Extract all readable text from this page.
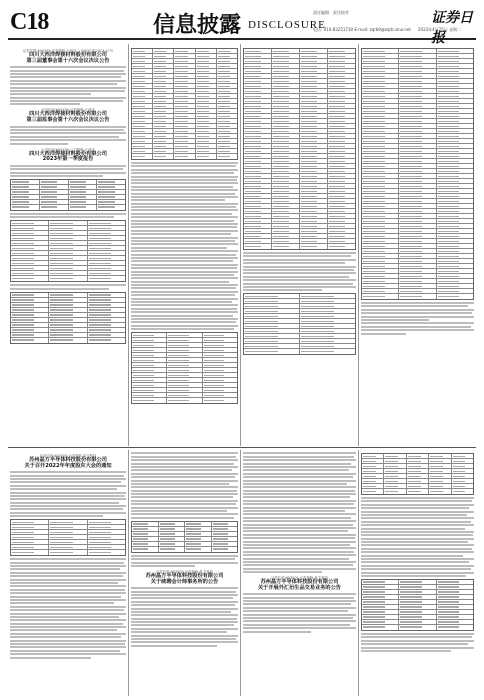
C18	信息披露 DISCLOSURE
责任编辑 · 责任校对
电话: 010-83251730 E-mail: zqrb9@zqrb.sina.net
证券日报
2023年4月25日 星期二
证券代码:600558 证券简称:大西洋 公告编号:临2023-17号
四川大西洋焊接材料股份有限公司
第三届董事会第十六次会议决议公告
证券代码:600558 证券简称:大西洋
四川大西洋焊接材料股份有限公司
第三届监事会第十六次会议决议公告
公司代码:600558 公司简称:大西洋
四川大西洋焊接材料股份有限公司
2023年第一季度报告
证券代码:603005 证券简称:晶方科技
苏州晶方半导体科技股份有限公司
关于召开2022年年度股东大会的通知
证券代码:603005 证券简称:晶方科技
苏州晶方半导体科技股份有限公司
关于续聘会计师事务所的公告
证券代码:603005 证券简称:晶方科技
苏州晶方半导体科技股份有限公司
关于开展外汇衍生品交易业务的公告
